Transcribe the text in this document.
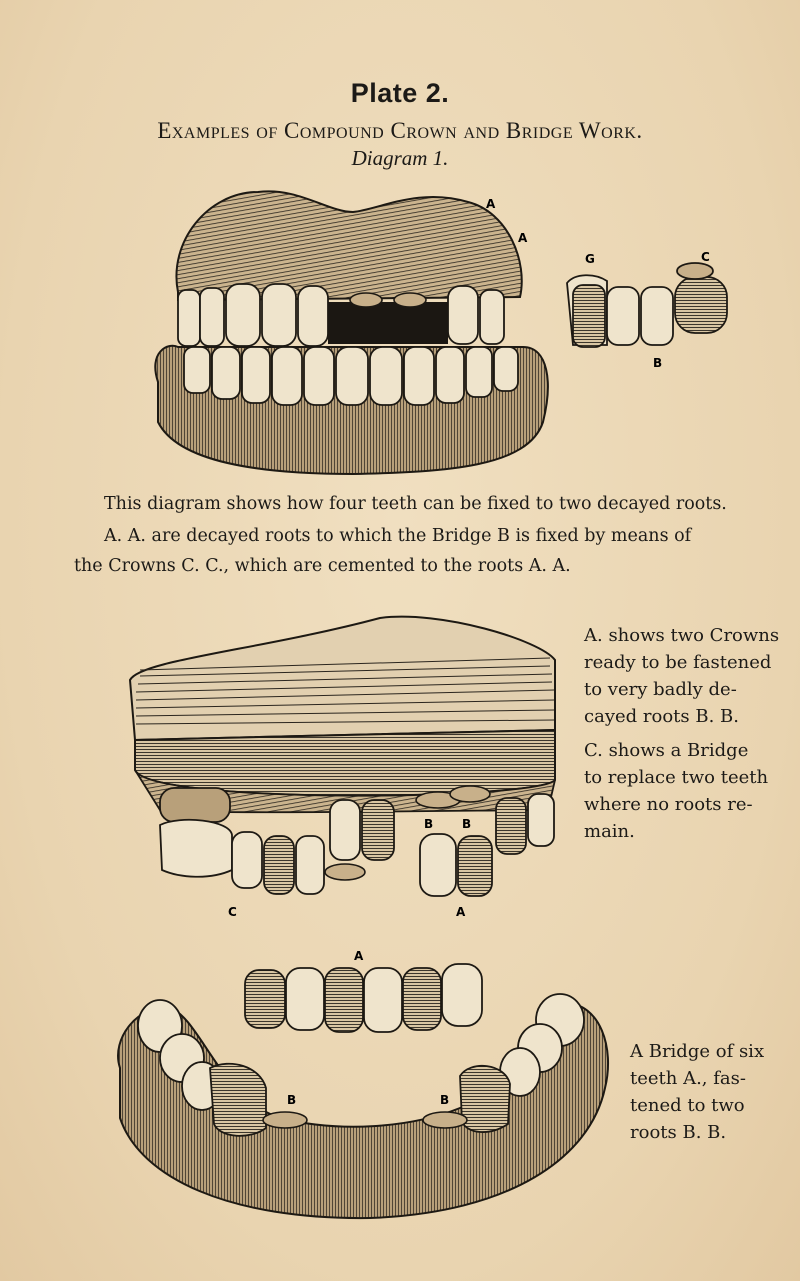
Plate 2.
Examples of Compound Crown and Bridge Work.
Diagram 1.
A
A
G	C
B
This diagram shows how four teeth can be fixed to two decayed roots.
A. A. are decayed roots to which the Bridge B is fixed by means of
the Crowns C. C., which are cemented to the roots A. A.
B B
C	A
A. shows two Crowns
ready to be fastened
to very badly de-
cayed roots B. B.
C. shows a Bridge
to replace two teeth
where no roots re-
main.
A
B	B
A Bridge of six
teeth A., fas-
tened to two
roots B. B.
